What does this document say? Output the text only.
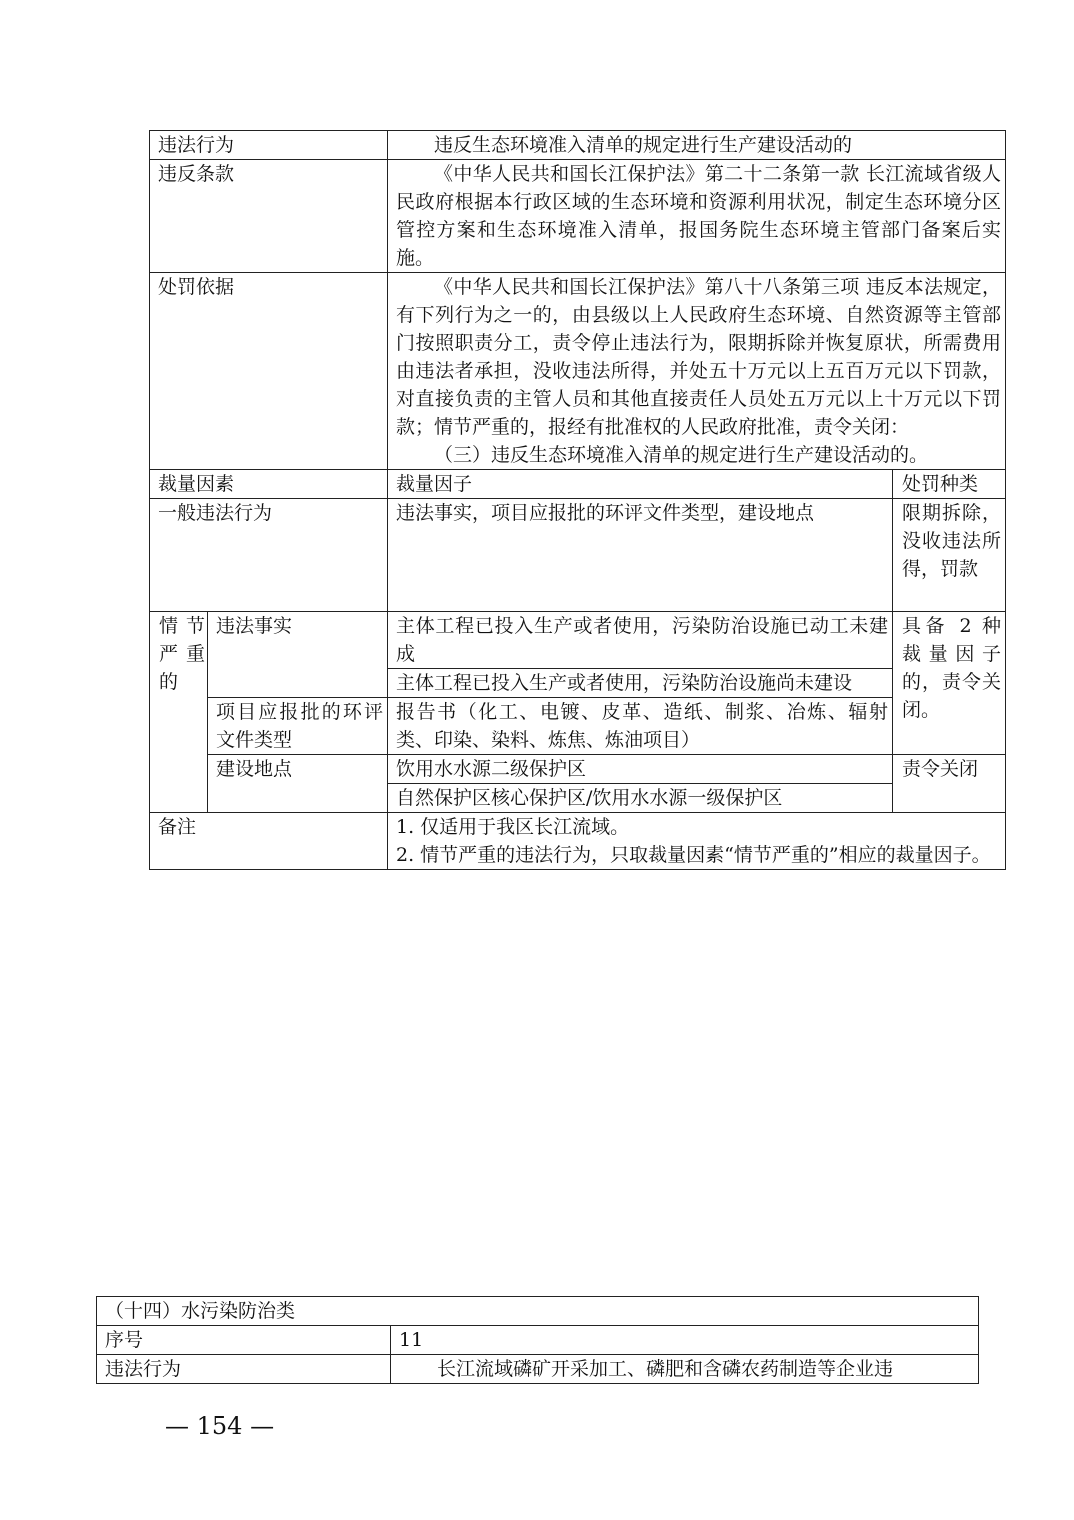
违法行为		违反生态环境准入清单的规定进行生产建设活动的	
违反条款		《中华人民共和国长江保护法》第二十二条第一款 长江流域省级人民政府根据本行政区域的生态环境和资源利用状况，制定生态环境分区管控方案和生态环境准入清单，报国务院生态环境主管部门备案后实施。	
处罚依据		《中华人民共和国长江保护法》第八十八条第三项 违反本法规定，有下列行为之一的，由县级以上人民政府生态环境、自然资源等主管部门按照职责分工，责令停止违法行为，限期拆除并恢复原状，所需费用由违法者承担，没收违法所得，并处五十万元以上五百万元以下罚款，对直接负责的主管人员和其他直接责任人员处五万元以上十万元以下罚款；情节严重的，报经有批准权的人民政府批准，责令关闭：
（三）违反生态环境准入清单的规定进行生产建设活动的。	

裁量因素		裁量因子	处罚种类
一般违法行为		违法事实，项目应报批的环评文件类型，建设地点	限期拆除，没收违法所得，罚款
情节严重的	违法事实	主体工程已投入生产或者使用，污染防治设施已动工未建成	具备 2 种裁量因子的，责令关闭。
		主体工程已投入生产或者使用，污染防治设施尚未建设	
	项目应报批的环评文件类型	报告书（化工、电镀、皮革、造纸、制浆、冶炼、辐射类、印染、染料、炼焦、炼油项目）	
	建设地点	饮用水水源二级保护区	责令关闭
		自然保护区核心保护区/饮用水水源一级保护区	
备注		1. 仅适用于我区长江流域。
2. 情节严重的违法行为，只取裁量因素“情节严重的”相应的裁量因子。	
（十四）水污染防治类	
序号	11
违法行为	长江流域磷矿开采加工、磷肥和含磷农药制造等企业违
— 154 —
